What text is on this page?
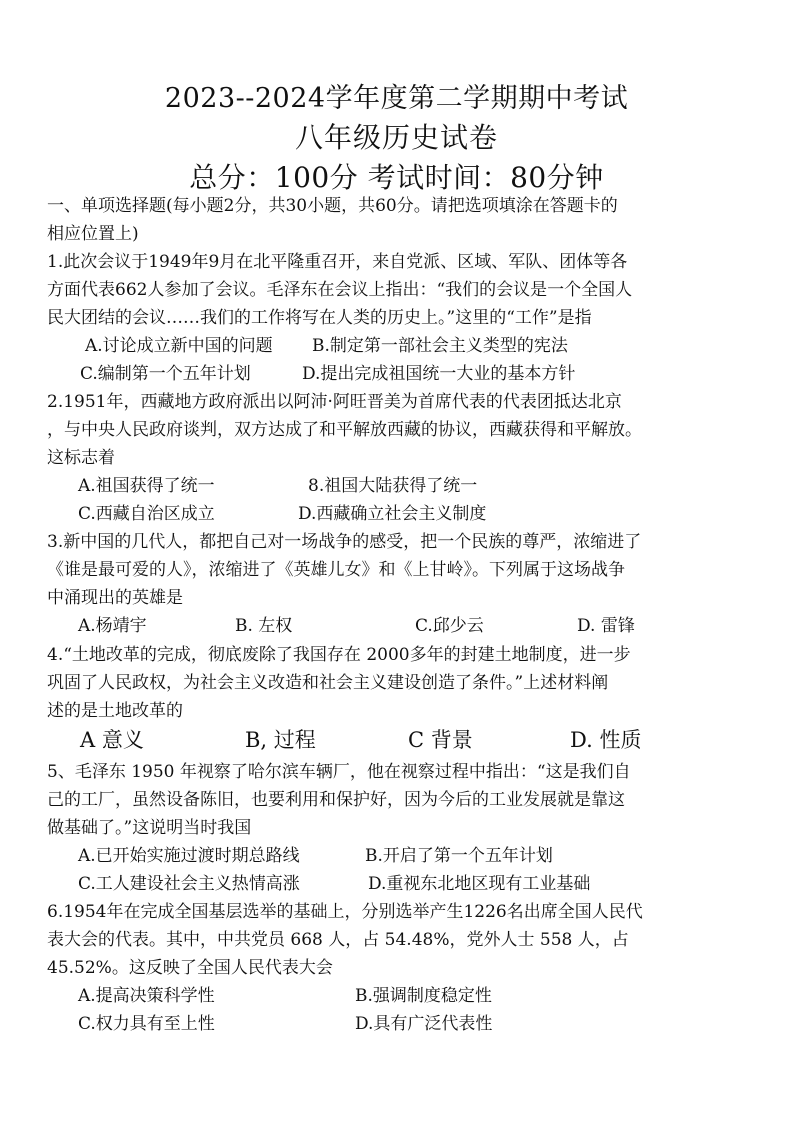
2023--2024学年度第二学期期中考试
八年级历史试卷
总分：100分 考试时间：80分钟
一、单项选择题(每小题2分，共30小题，共60分。请把选项填涂在答题卡的
相应位置上)
1.此次会议于1949年9月在北平隆重召开，来自党派、区域、军队、团体等各
方面代表662人参加了会议。毛泽东在会议上指出：“我们的会议是一个全国人
民大团结的会议……我们的工作将写在人类的历史上。”这里的“工作”是指
A.讨论成立新中国的问题 B.制定第一部社会主义类型的宪法
C.编制第一个五年计划	D.提出完成祖国统一大业的基本方针
2.1951年，西藏地方政府派出以阿沛·阿旺晋美为首席代表的代表团抵达北京
，与中央人民政府谈判，双方达成了和平解放西藏的协议，西藏获得和平解放。
这标志着
A.祖国获得了统一	8.祖国大陆获得了统一
C.西藏自治区成立	D.西藏确立社会主义制度
3.新中国的几代人，都把自己对一场战争的感受，把一个民族的尊严，浓缩进了
《谁是最可爱的人》，浓缩进了《英雄儿女》和《上甘岭》。下列属于这场战争
中涌现出的英雄是
A.杨靖宇	B. 左权	C.邱少云	D. 雷锋
4.“土地改革的完成，彻底废除了我国存在 2000多年的封建土地制度，进一步
巩固了人民政权，为社会主义改造和社会主义建设创造了条件。”上述材料阐
述的是土地改革的
A 意义	B, 过程	C 背景	D. 性质
5、毛泽东 1950 年视察了哈尔滨车辆厂，他在视察过程中指出：“这是我们自
己的工厂，虽然设备陈旧，也要利用和保护好，因为今后的工业发展就是靠这
做基础了。”这说明当时我国
A.已开始实施过渡时期总路线	B.开启了第一个五年计划
C.工人建设社会主义热情高涨	D.重视东北地区现有工业基础
6.1954年在完成全国基层选举的基础上，分别选举产生1226名出席全国人民代
表大会的代表。其中，中共党员 668 人，占 54.48%，党外人士 558 人，占
45.52%。这反映了全国人民代表大会
A.提高决策科学性	B.强调制度稳定性
C.权力具有至上性	D.具有广泛代表性
